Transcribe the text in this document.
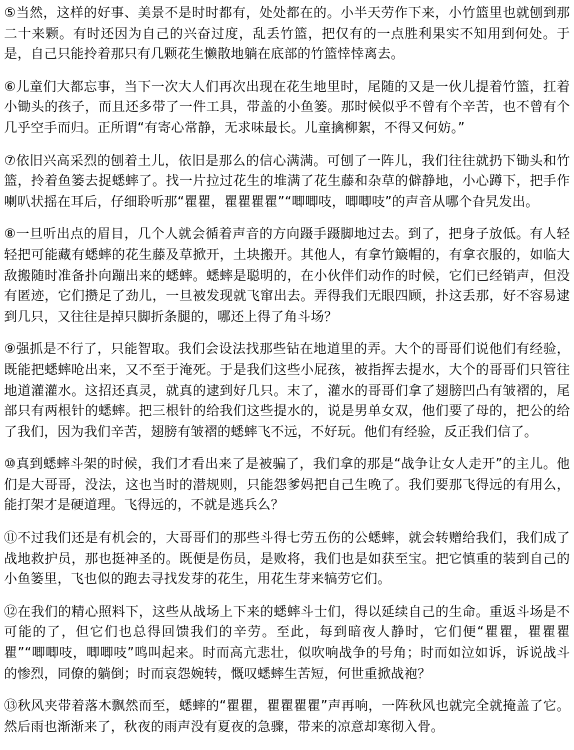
⑤当然，这样的好事、美景不是时时都有，处处都在的。小半天劳作下来，小竹篮里也就刨到那二十来颗。有时还因为自己的兴奋过度，乱丢竹篮，把仅有的一点胜利果实不知用到何处。于是，自己只能拎着那只有几颗花生懒散地躺在底部的竹篮悻悻离去。

⑥儿童们大都忘事，当下一次大人们再次出现在花生地里时，尾随的又是一伙儿提着竹篮，扛着小锄头的孩子，而且还多带了一件工具，带盖的小鱼篓。那时候似乎不曾有个辛苦，也不曾有个几乎空手而归。正所谓“有寄心常静，无求味最长。儿童擒柳絮，不得又何妨。”

⑦依旧兴高采烈的刨着土儿，依旧是那么的信心满满。可刨了一阵儿，我们往往就扔下锄头和竹篮，拎着鱼篓去捉蟋蟀了。找一片拉过花生的堆满了花生藤和杂草的僻静地，小心蹲下，把手作喇叭状摇在耳后，仔细聆听那“瞿瞿，瞿瞿瞿瞿”“唧唧吱，唧唧吱”的声音从哪个旮旯发出。

⑧一旦听出点的眉目，几个人就会循着声音的方向蹑手蹑脚地过去。到了，把身子放低。有人轻轻把可能藏有蟋蟀的花生藤及草掀开，土块搬开。其他人，有拿竹簸帽的，有拿衣服的，如临大敌搬随时准备扑向蹦出来的蟋蟀。蟋蟀是聪明的，在小伙伴们动作的时候，它们已经销声，但没有匿迹，它们攒足了劲儿，一旦被发现就飞窜出去。弄得我们无眼四顾，扑这丢那，好不容易逮到几只，又往往是掉只脚折条腿的，哪还上得了角斗场？

⑨强抓是不行了，只能智取。我们会设法找那些钻在地道里的弄。大个的哥哥们说他们有经验，既能把蟋蟀呛出来，又不至于淹死。于是我们这些小屁孩，被指挥去提水，大个的哥哥们只管往地道灌灌水。这招还真灵，就真的逮到好几只。末了，灌水的哥哥们拿了翅膀凹凸有皱褶的，尾部只有两根针的蟋蟀。把三根针的给我们这些提水的，说是男单女双，他们要了母的，把公的给了我们，因为我们辛苦，翅膀有皱褶的蟋蟀飞不远，不好玩。他们有经验，反正我们信了。

⑩真到蟋蟀斗架的时候，我们才看出来了是被骗了，我们拿的那是“战争让女人走开”的主儿。他们是大哥哥，没法，这也当时的潜规则，只能怨爹妈把自己生晚了。我们要那飞得远的有用么，能打架才是硬道理。飞得远的，不就是逃兵么？

⑪不过我们还是有机会的，大哥哥们的那些斗得七劳五伤的公蟋蟀，就会转赠给我们，我们成了战地救护员，那也挺神圣的。既便是伤员，是败将，我们也是如获至宝。把它慎重的装到自己的小鱼篓里，飞也似的跑去寻找发芽的花生，用花生芽来犒劳它们。

⑫在我们的精心照料下，这些从战场上下来的蟋蟀斗士们，得以延续自己的生命。重返斗场是不可能的了，但它们也总得回馈我们的辛劳。至此，每到暗夜人静时，它们便“瞿瞿，瞿瞿瞿瞿”“唧唧吱，唧唧吱”鸣叫起来。时而高亢悲壮，似吹响战争的号角；时而如泣如诉，诉说战斗的惨烈，同僚的躺倒；时而哀怨婉转，慨叹蟋蟀生苦短，何世重掀战袍？

⑬秋风夹带着落木飘然而至，蟋蟀的“瞿瞿，瞿瞿瞿瞿”声再响，一阵秋风也就完全就掩盖了它。然后雨也渐渐来了，秋夜的雨声没有夏夜的急骤，带来的凉意却寒彻入骨。
